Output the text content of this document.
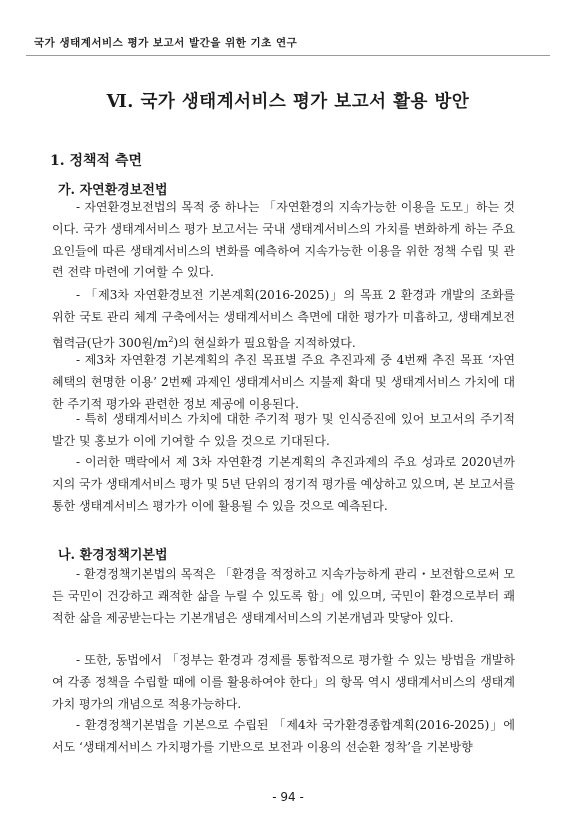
국가 생태계서비스 평가 보고서 발간을 위한 기초 연구
Ⅵ. 국가 생태계서비스 평가 보고서 활용 방안
1. 정책적 측면
가. 자연환경보전법

- 자연환경보전법의 목적 중 하나는 「자연환경의 지속가능한 이용을 도모」하는 것이다. 국가 생태계서비스 평가 보고서는 국내 생태계서비스의 가치를 변화하게 하는 주요 요인들에 따른 생태계서비스의 변화를 예측하여 지속가능한 이용을 위한 정책 수립 및 관련 전략 마련에 기여할 수 있다.

- 「제3차 자연환경보전 기본계획(2016-2025)」의 목표 2 환경과 개발의 조화를 위한 국토 관리 체계 구축에서는 생태계서비스 측면에 대한 평가가 미흡하고, 생태계보전협력금(단가 300원$/m^2$)의 현실화가 필요함을 지적하였다.

- 제3차 자연환경 기본계획의 추진 목표별 주요 추진과제 중 4번째 추진 목표 ‘자연혜택의 현명한 이용’ 2번째 과제인 생태계서비스 지불제 확대 및 생태계서비스 가치에 대한 주기적 평가와 관련한 정보 제공에 이용된다.

- 특히 생태계서비스 가치에 대한 주기적 평가 및 인식증진에 있어 보고서의 주기적 발간 및 홍보가 이에 기여할 수 있을 것으로 기대된다.

- 이러한 맥락에서 제 3차 자연환경 기본계획의 추진과제의 주요 성과로 2020년까지의 국가 생태계서비스 평가 및 5년 단위의 정기적 평가를 예상하고 있으며, 본 보고서를 통한 생태계서비스 평가가 이에 활용될 수 있을 것으로 예측된다.

나. 환경정책기본법

- 환경정책기본법의 목적은 「환경을 적정하고 지속가능하게 관리・보전함으로써 모든 국민이 건강하고 쾌적한 삶을 누릴 수 있도록 함」에 있으며, 국민이 환경으로부터 쾌적한 삶을 제공받는다는 기본개념은 생태계서비스의 기본개념과 맞닿아 있다.

- 또한, 동법에서 「정부는 환경과 경제를 통합적으로 평가할 수 있는 방법을 개발하여 각종 정책을 수립할 때에 이를 활용하여야 한다」의 항목 역시 생태계서비스의 생태계 가치 평가의 개념으로 적용가능하다.

- 환경정책기본법을 기본으로 수립된 「제4차 국가환경종합계획(2016-2025)」에서도 ‘생태계서비스 가치평가를 기반으로 보전과 이용의 선순환 정착’을 기본방향

- 94 -
